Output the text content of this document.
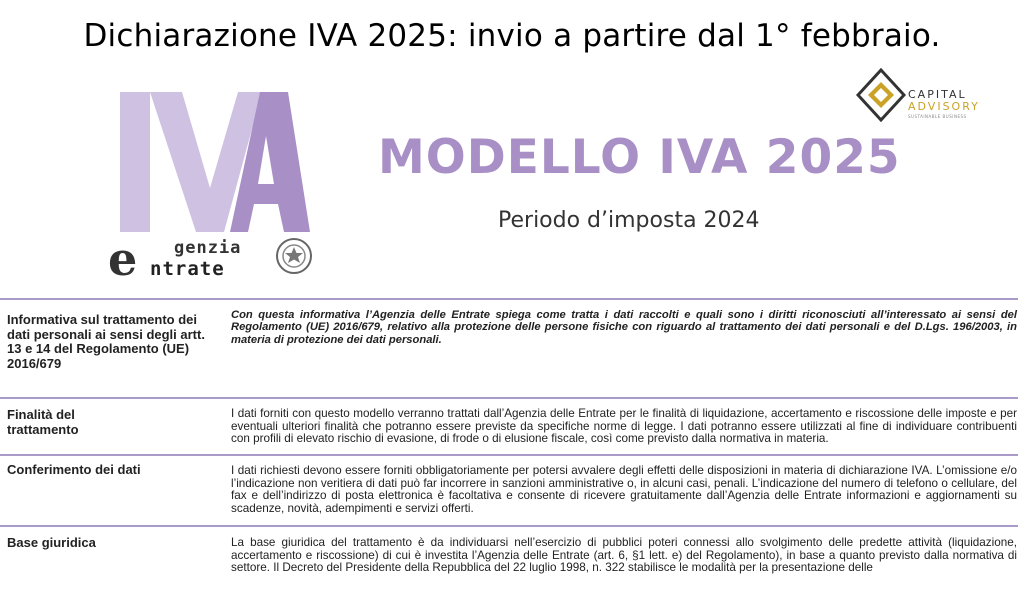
Dichiarazione IVA 2025: invio a partire dal 1° febbraio.
e genzia
ntrate
MODELLO IVA 2025
Periodo d’imposta 2024
CAPITAL
ADVISORY
SUSTAINABLE BUSINESS
Informativa sul trattamento dei dati personali ai sensi degli artt. 13 e 14 del Regolamento (UE) 2016/679
Con questa informativa l’Agenzia delle Entrate spiega come tratta i dati raccolti e quali sono i diritti riconosciuti all’interessato ai sensi del Regolamento (UE) 2016/679, relativo alla protezione delle persone fisiche con riguardo al trattamento dei dati personali e del D.Lgs. 196/2003, in materia di protezione dei dati personali.
Finalità del trattamento
I dati forniti con questo modello verranno trattati dall’Agenzia delle Entrate per le finalità di liquidazione, accertamento e riscossione delle imposte e per eventuali ulteriori finalità che potranno essere previste da specifiche norme di legge. I dati potranno essere utilizzati al fine di individuare contribuenti con profili di elevato rischio di evasione, di frode o di elusione fiscale, così come previsto dalla normativa in materia.
Conferimento dei dati	I dati richiesti devono essere forniti obbligatoriamente per potersi avvalere degli effetti delle disposizioni in materia di dichiarazione IVA. L’omissione e/o l’indicazione non veritiera di dati può far incorrere in sanzioni amministrative o, in alcuni casi, penali. L’indicazione del numero di telefono o cellulare, del fax e dell’indirizzo di posta elettronica è facoltativa e consente di ricevere gratuitamente dall’Agenzia delle Entrate informazioni e aggiornamenti su scadenze, novità, adempimenti e servizi offerti.
Base giuridica	La base giuridica del trattamento è da individuarsi nell’esercizio di pubblici poteri connessi allo svolgimento delle predette attività (liquidazione, accertamento e riscossione) di cui è investita l’Agenzia delle Entrate (art. 6, §1 lett. e) del Regolamento), in base a quanto previsto dalla normativa di settore. Il Decreto del Presidente della Repubblica del 22 luglio 1998, n. 322 stabilisce le modalità per la presentazione delle
